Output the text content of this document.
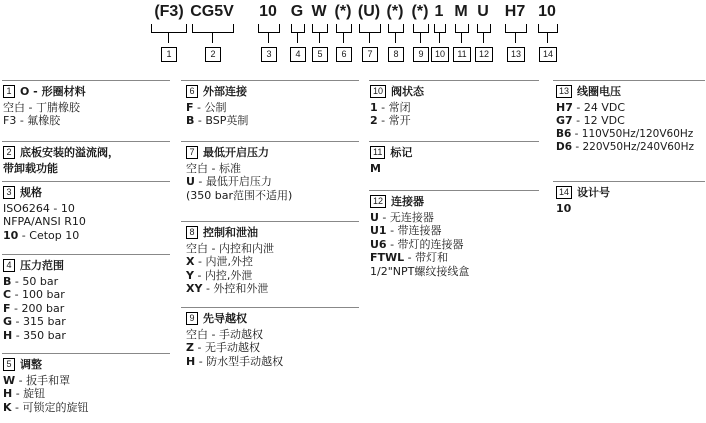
(F3) CG5V 10 G W (*) (U) (*) (*) 1 M U H7 10
1	2	3	4	5	6	7	8	9	10	11	12	13	14
1 O - 形圈材料
空白 - 丁腈橡胶
F3 - 氟橡胶
2 底板安装的溢流阀，
带卸载功能
3 规格
ISO6264 - 10
NFPA/ANSI R10
10 - Cetop 10
4 压力范围
B - 50 bar
C - 100 bar
F - 200 bar
G - 315 bar
H - 350 bar
5 调整
W - 扳手和罩
H - 旋钮
K - 可锁定的旋钮
6 外部连接
F - 公制
B - BSP英制
7 最低开启压力
空白 - 标准
U - 最低开启压力
(350 bar范围不适用)
8 控制和泄油
空白 - 内控和内泄
X - 内泄,外控
Y - 内控,外泄
XY - 外控和外泄
9 先导越权
空白 - 手动越权
Z - 无手动越权
H - 防水型手动越权
10 阀状态
1 - 常闭
2 - 常开
11 标记
M
12 连接器
U - 无连接器
U1 - 带连接器
U6 - 带灯的连接器
FTWL - 带灯和
1/2"NPT螺纹接线盒
13 线圈电压
H7 - 24 VDC
G7 - 12 VDC
B6 - 110V50Hz/120V60Hz
D6 - 220V50Hz/240V60Hz
14 设计号
10
